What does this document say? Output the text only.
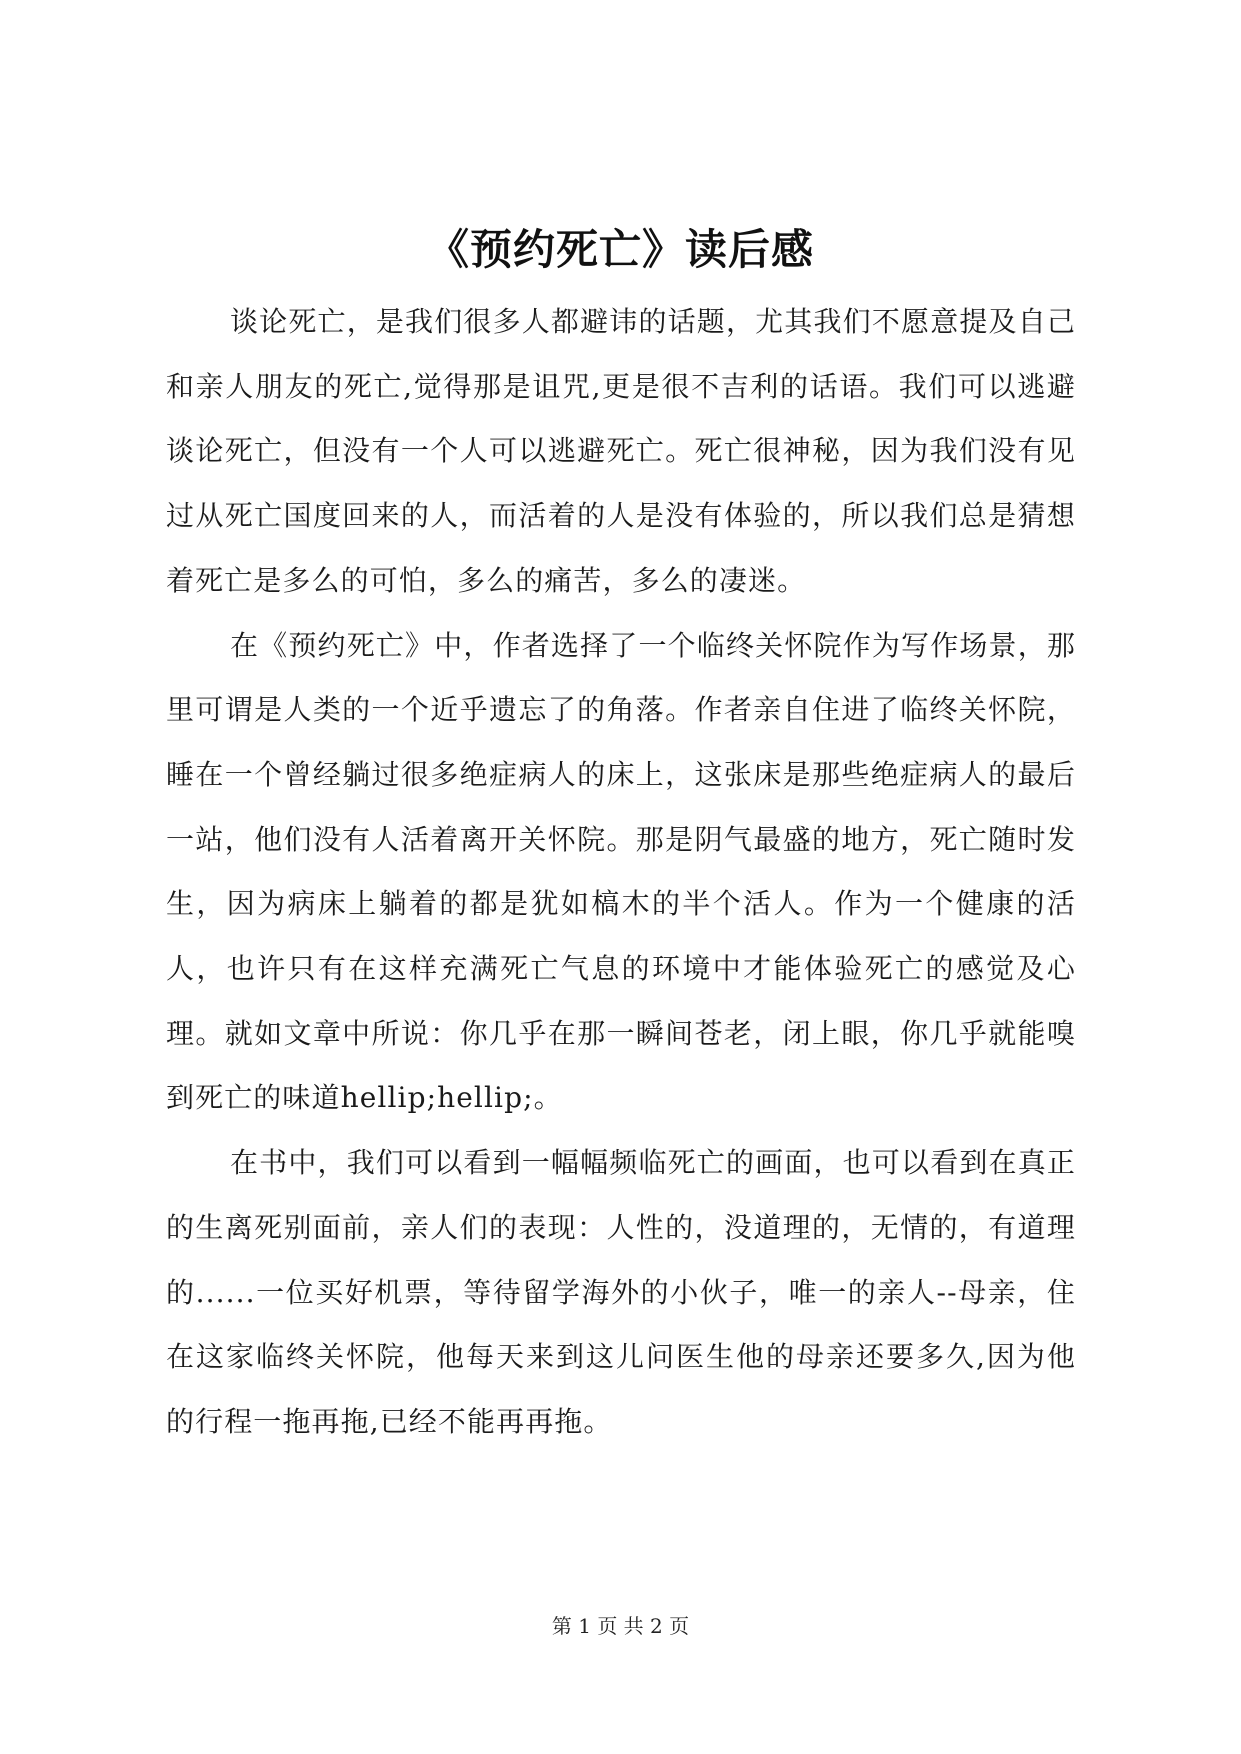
《预约死亡》读后感

谈论死亡，是我们很多人都避讳的话题，尤其我们不愿意提及自己和亲人朋友的死亡,觉得那是诅咒,更是很不吉利的话语。我们可以逃避谈论死亡，但没有一个人可以逃避死亡。死亡很神秘，因为我们没有见过从死亡国度回来的人，而活着的人是没有体验的，所以我们总是猜想着死亡是多么的可怕，多么的痛苦，多么的凄迷。

在《预约死亡》中，作者选择了一个临终关怀院作为写作场景，那里可谓是人类的一个近乎遗忘了的角落。作者亲自住进了临终关怀院，睡在一个曾经躺过很多绝症病人的床上，这张床是那些绝症病人的最后一站，他们没有人活着离开关怀院。那是阴气最盛的地方，死亡随时发生，因为病床上躺着的都是犹如槁木的半个活人。作为一个健康的活人，也许只有在这样充满死亡气息的环境中才能体验死亡的感觉及心理。就如文章中所说：你几乎在那一瞬间苍老，闭上眼，你几乎就能嗅到死亡的味道hellip;hellip;。

在书中，我们可以看到一幅幅频临死亡的画面，也可以看到在真正的生离死别面前，亲人们的表现：人性的，没道理的，无情的，有道理的......一位买好机票，等待留学海外的小伙子，唯一的亲人--母亲，住在这家临终关怀院，他每天来到这儿问医生他的母亲还要多久,因为他的行程一拖再拖,已经不能再再拖。

第 1 页 共 2 页
